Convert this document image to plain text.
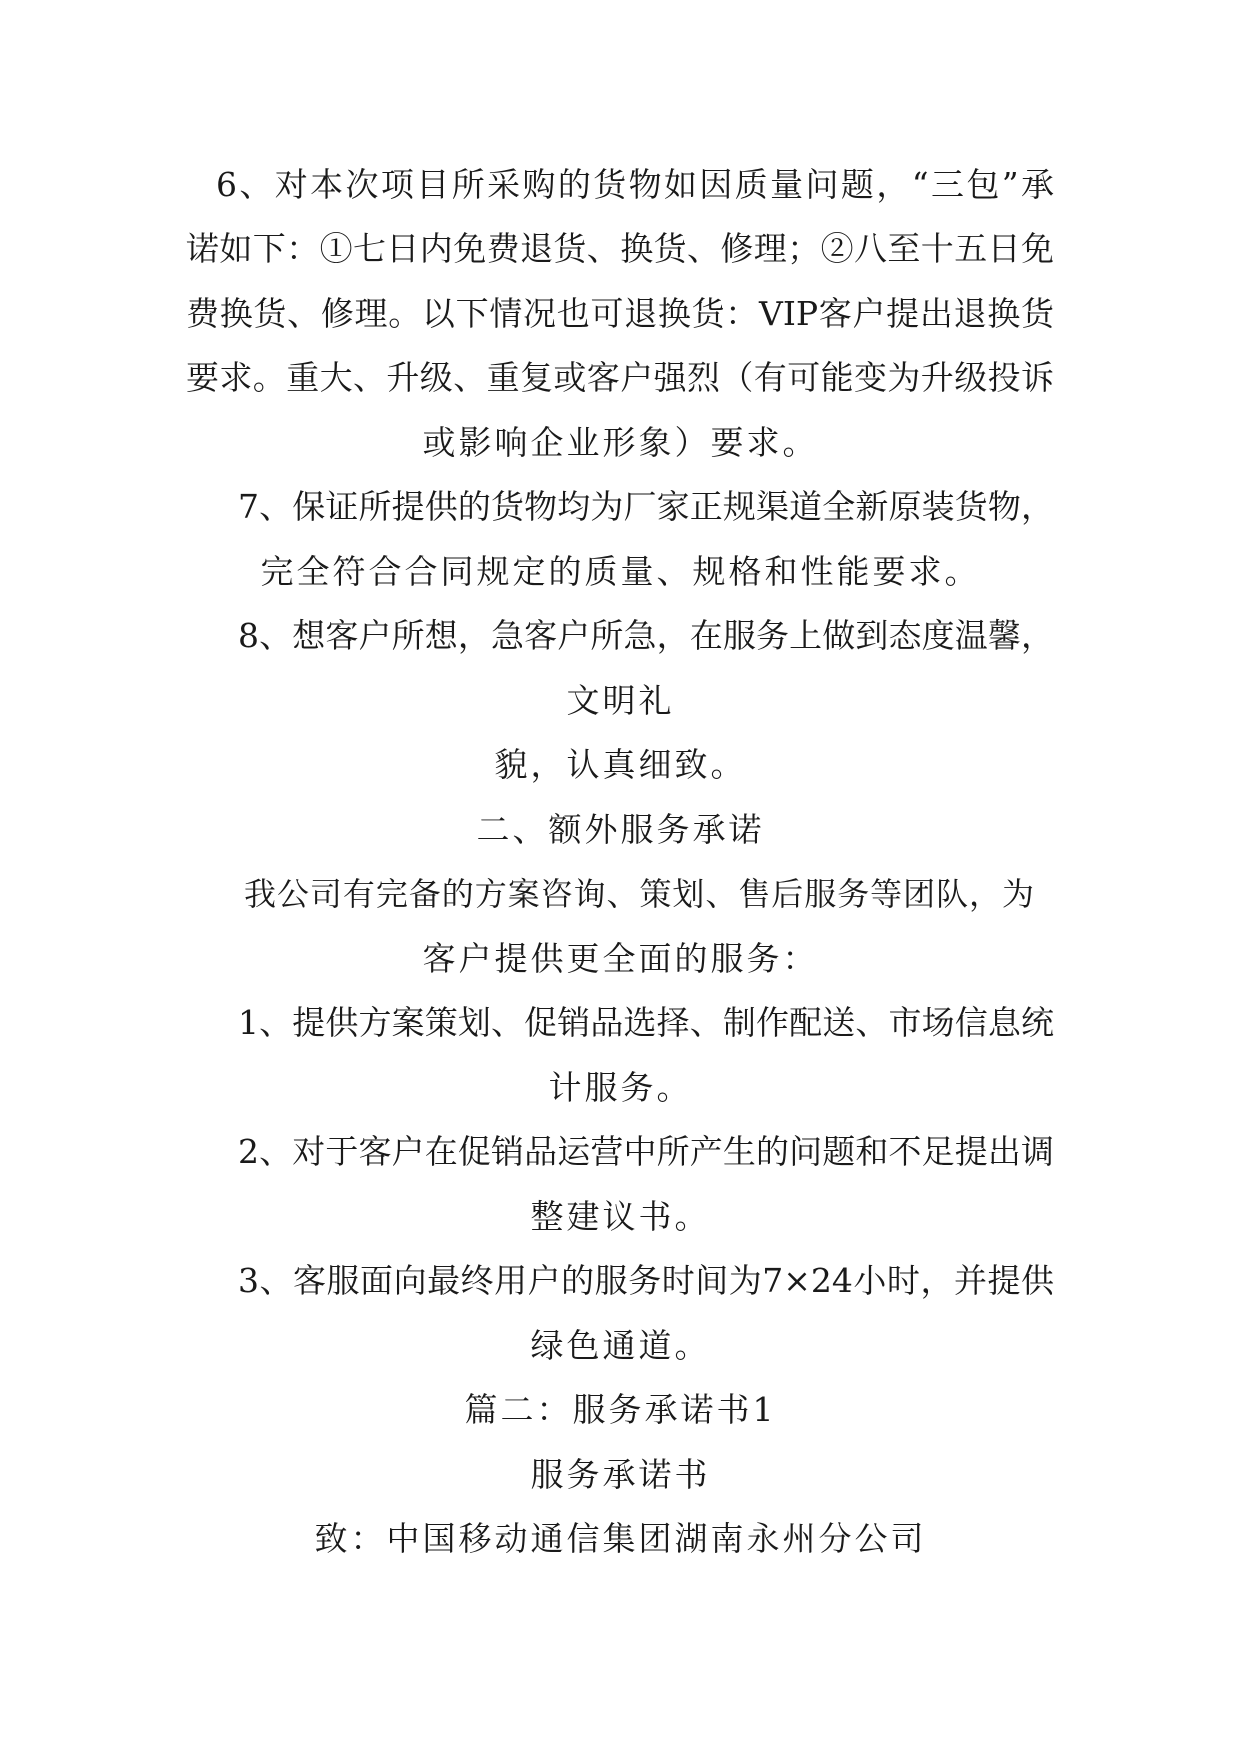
6、对本次项目所采购的货物如因质量问题，“三包”承
诺如下：①七日内免费退货、换货、修理；②八至十五日免
费换货、修理。以下情况也可退换货：VIP客户提出退换货
要求。重大、升级、重复或客户强烈（有可能变为升级投诉
或影响企业形象）要求。
7、保证所提供的货物均为厂家正规渠道全新原装货物，
完全符合合同规定的质量、规格和性能要求。
8、想客户所想，急客户所急，在服务上做到态度温馨，
文明礼
貌，认真细致。
二、额外服务承诺
我公司有完备的方案咨询、策划、售后服务等团队，为
客户提供更全面的服务：
1、提供方案策划、促销品选择、制作配送、市场信息统
计服务。
2、对于客户在促销品运营中所产生的问题和不足提出调
整建议书。
3、客服面向最终用户的服务时间为7×24小时，并提供
绿色通道。
篇二：服务承诺书1
服务承诺书
致：中国移动通信集团湖南永州分公司
